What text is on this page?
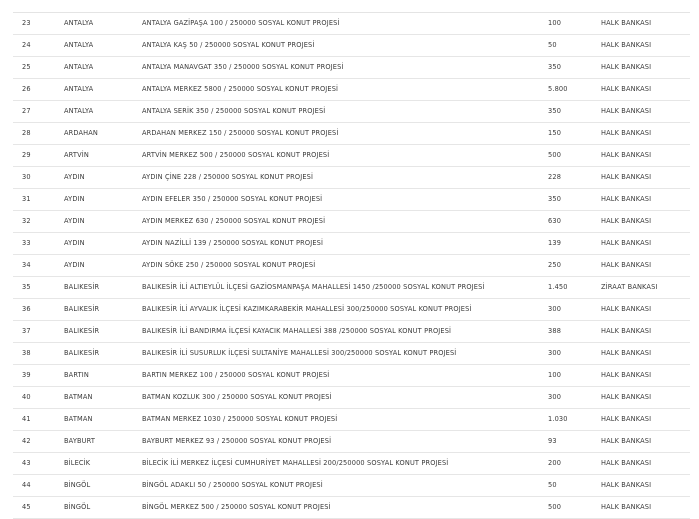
23	ANTALYA	ANTALYA GAZİPAŞA 100 / 250000 SOSYAL KONUT PROJESİ	100	HALK BANKASI
24	ANTALYA	ANTALYA KAŞ 50 / 250000 SOSYAL KONUT PROJESİ	50	HALK BANKASI
25	ANTALYA	ANTALYA MANAVGAT 350 / 250000 SOSYAL KONUT PROJESİ	350	HALK BANKASI
26	ANTALYA	ANTALYA MERKEZ 5800 / 250000 SOSYAL KONUT PROJESİ	5.800	HALK BANKASI
27	ANTALYA	ANTALYA SERİK 350 / 250000 SOSYAL KONUT PROJESİ	350	HALK BANKASI
28	ARDAHAN	ARDAHAN MERKEZ 150 / 250000 SOSYAL KONUT PROJESİ	150	HALK BANKASI
29	ARTVİN	ARTVİN MERKEZ 500 / 250000 SOSYAL KONUT PROJESİ	500	HALK BANKASI
30	AYDIN	AYDIN ÇİNE 228 / 250000 SOSYAL KONUT PROJESİ	228	HALK BANKASI
31	AYDIN	AYDIN EFELER 350 / 250000 SOSYAL KONUT PROJESİ	350	HALK BANKASI
32	AYDIN	AYDIN MERKEZ 630 / 250000 SOSYAL KONUT PROJESİ	630	HALK BANKASI
33	AYDIN	AYDIN NAZİLLİ 139 / 250000 SOSYAL KONUT PROJESİ	139	HALK BANKASI
34	AYDIN	AYDIN SÖKE 250 / 250000 SOSYAL KONUT PROJESİ	250	HALK BANKASI
35	BALIKESİR	BALIKESİR İLİ ALTIEYLÜL İLÇESİ GAZİOSMANPAŞA MAHALLESİ 1450 /250000 SOSYAL KONUT PROJESİ	1.450	ZİRAAT BANKASI
36	BALIKESİR	BALIKESİR İLİ AYVALIK İLÇESİ KAZIMKARABEKİR MAHALLESİ 300/250000 SOSYAL KONUT PROJESİ	300	HALK BANKASI
37	BALIKESİR	BALIKESİR İLİ BANDIRMA İLÇESİ KAYACIK MAHALLESİ 388 /250000 SOSYAL KONUT PROJESİ	388	HALK BANKASI
38	BALIKESİR	BALIKESİR İLİ SUSURLUK İLÇESİ SULTANİYE MAHALLESİ 300/250000 SOSYAL KONUT PROJESİ	300	HALK BANKASI
39	BARTIN	BARTIN MERKEZ 100 / 250000 SOSYAL KONUT PROJESİ	100	HALK BANKASI
40	BATMAN	BATMAN KOZLUK 300 / 250000 SOSYAL KONUT PROJESİ	300	HALK BANKASI
41	BATMAN	BATMAN MERKEZ 1030 / 250000 SOSYAL KONUT PROJESİ	1.030	HALK BANKASI
42	BAYBURT	BAYBURT MERKEZ 93 / 250000 SOSYAL KONUT PROJESİ	93	HALK BANKASI
43	BİLECİK	BİLECİK İLİ MERKEZ İLÇESİ CUMHURİYET MAHALLESİ 200/250000 SOSYAL KONUT PROJESİ	200	HALK BANKASI
44	BİNGÖL	BİNGÖL ADAKLI 50 / 250000 SOSYAL KONUT PROJESİ	50	HALK BANKASI
45	BİNGÖL	BİNGÖL MERKEZ 500 / 250000 SOSYAL KONUT PROJESİ	500	HALK BANKASI
